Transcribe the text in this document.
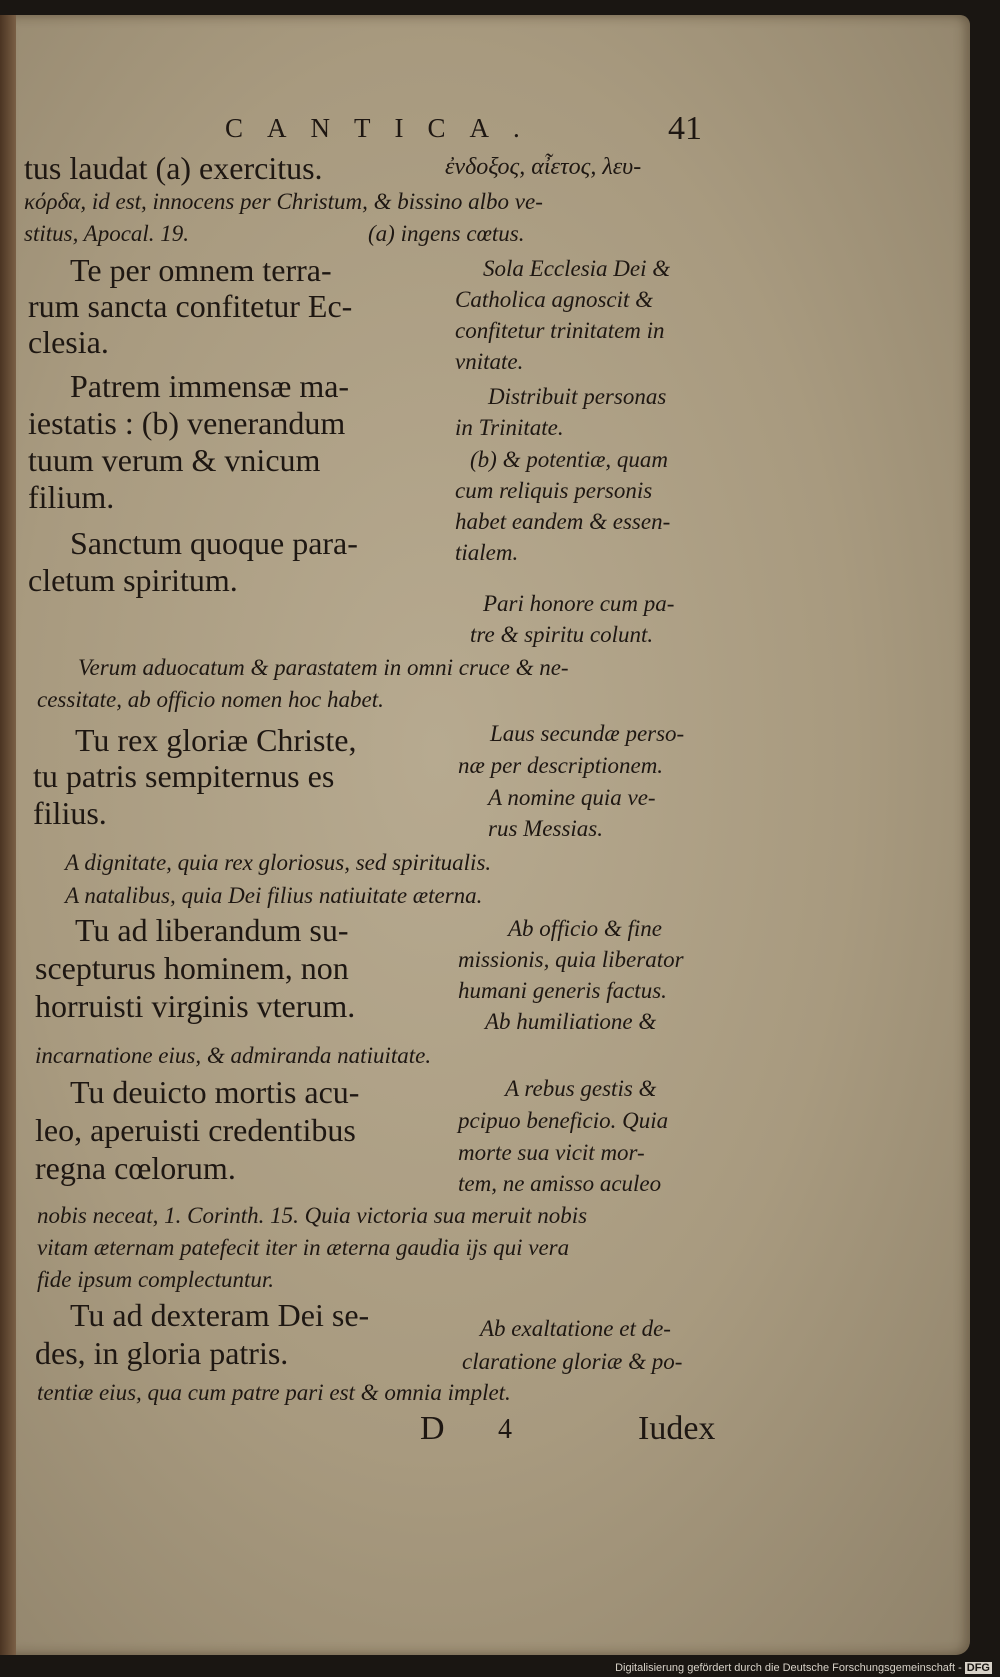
CANTICA.	41
tus laudat (a) exercitus.	ἐνδοξος, αἶετος, λευ-
κόρδα, id est, innocens per Christum, & bissino albo ve-
stitus, Apocal. 19.	(a) ingens cœtus.
Te per omnem terra-
rum sancta confitetur Ec-
clesia.
Sola Ecclesia Dei &
Catholica agnoscit &
confitetur trinitatem in
vnitate.
Patrem immensæ ma-
iestatis : (b) venerandum
tuum verum & vnicum
filium.
Distribuit personas
in Trinitate.
(b) & potentiæ, quam
cum reliquis personis
habet eandem & essen-
tialem.
Sanctum quoque para-
cletum spiritum.
Pari honore cum pa-
tre & spiritu colunt.
Verum aduocatum & parastatem in omni cruce & ne-
cessitate, ab officio nomen hoc habet.
Tu rex gloriæ Christe,
tu patris sempiternus es
filius.
Laus secundæ perso-
næ per descriptionem.
A nomine quia ve-
rus Messias.
A dignitate, quia rex gloriosus, sed spiritualis.
A natalibus, quia Dei filius natiuitate æterna.
Tu ad liberandum su-
scepturus hominem, non
horruisti virginis vterum.
Ab officio & fine
missionis, quia liberator
humani generis factus.
Ab humiliatione &
incarnatione eius, & admiranda natiuitate.
Tu deuicto mortis acu-
leo, aperuisti credentibus
regna cœlorum.
A rebus gestis &
pcipuo beneficio. Quia
morte sua vicit mor-
tem, ne amisso aculeo
nobis neceat, 1. Corinth. 15. Quia victoria sua meruit nobis
vitam æternam patefecit iter in æterna gaudia ijs qui vera
fide ipsum complectuntur.
Tu ad dexteram Dei se-
des, in gloria patris.
Ab exaltatione et de-
claratione gloriæ & po-
tentiæ eius, qua cum patre pari est & omnia implet.
D 4	Iudex
Digitalisierung gefördert durch die Deutsche Forschungsgemeinschaft - DFG
